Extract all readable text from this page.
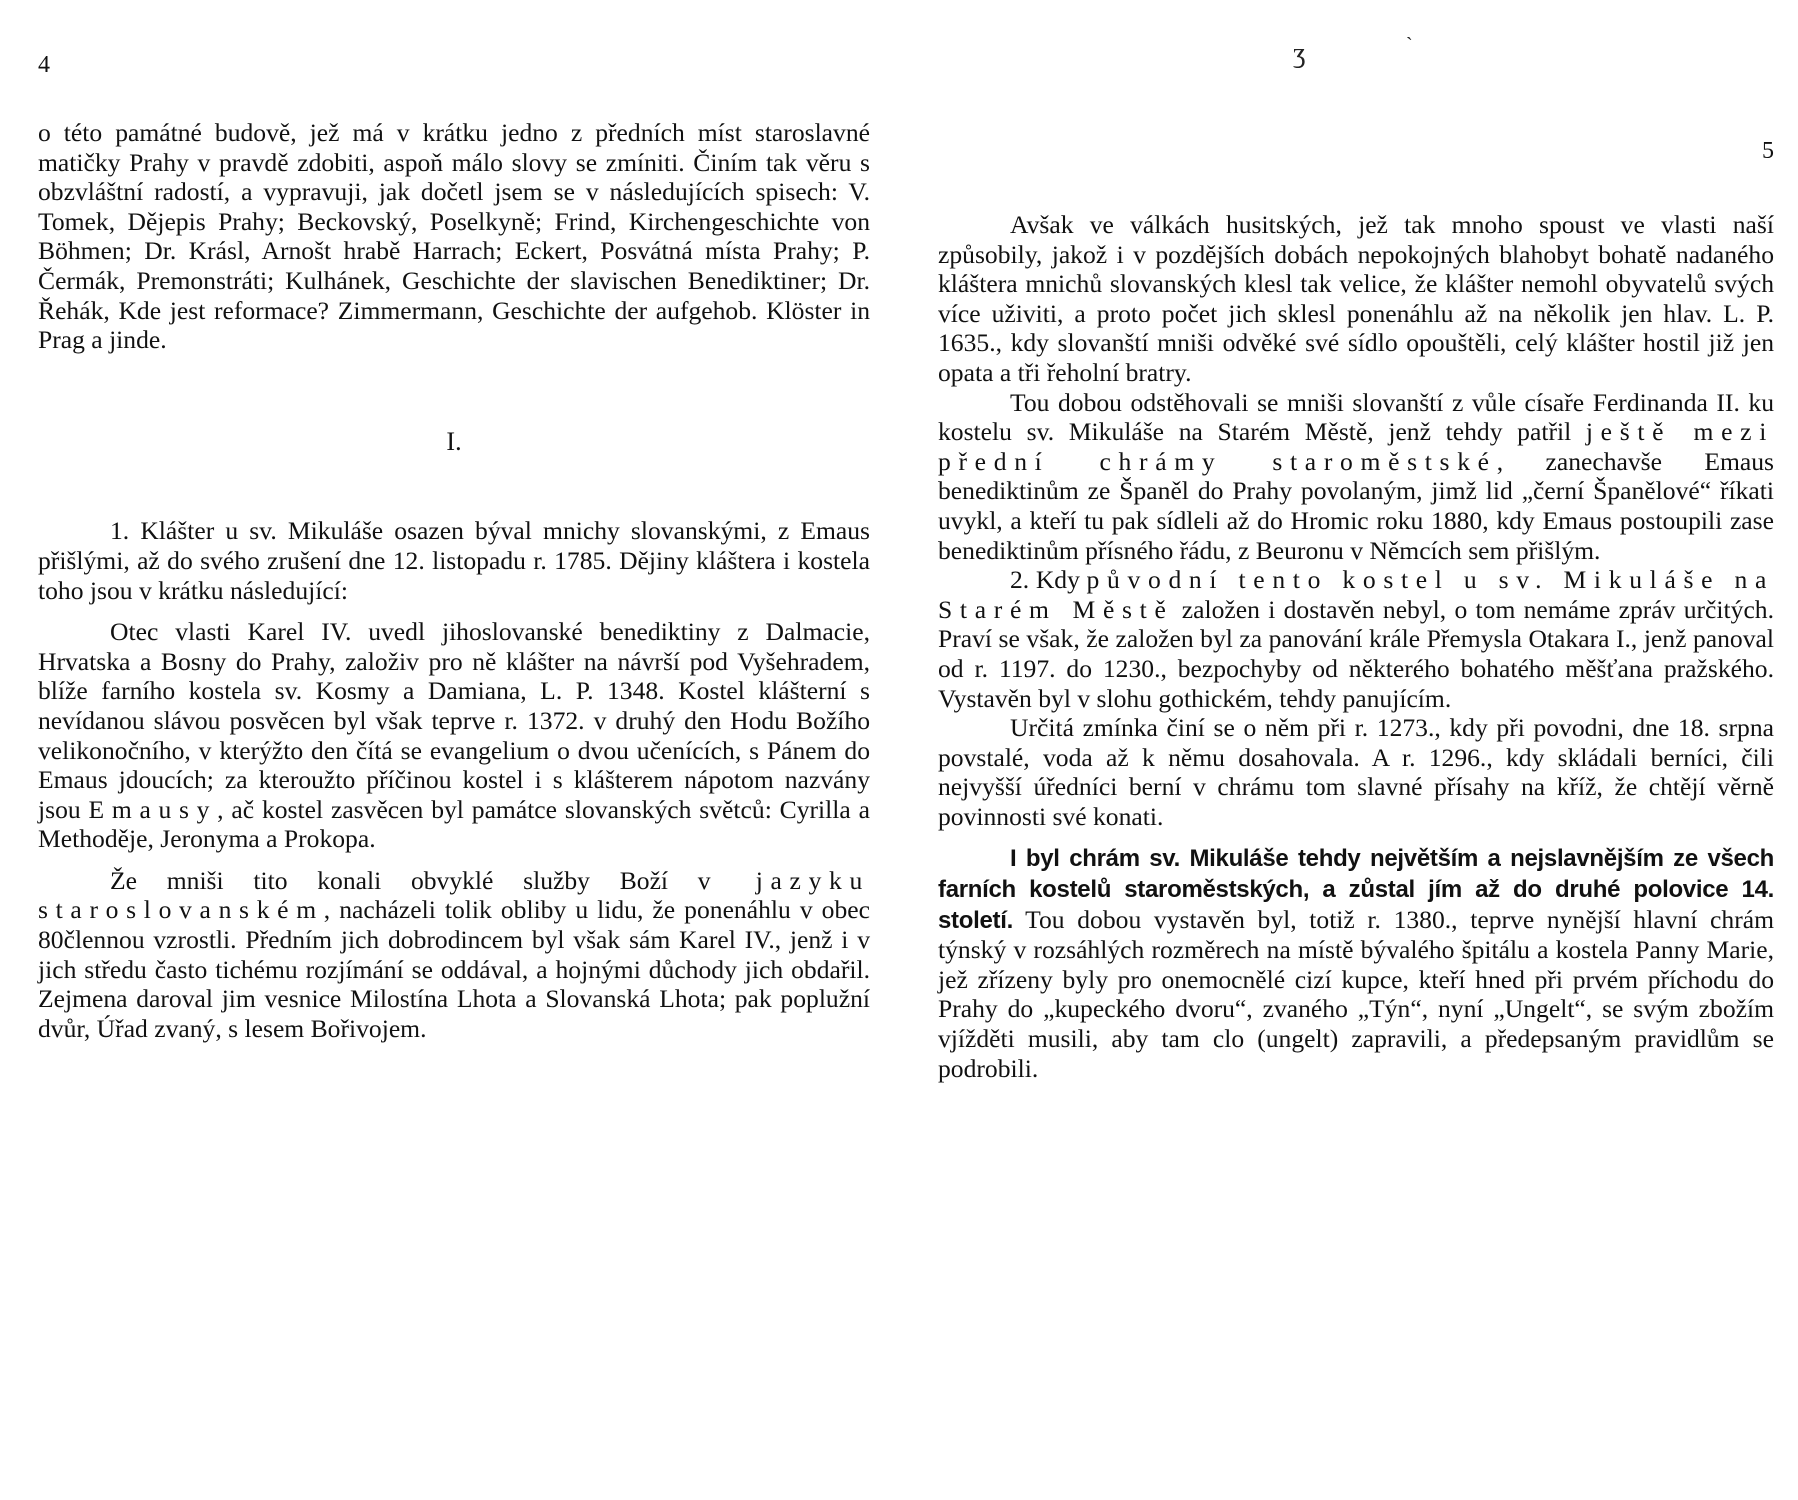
4

o této památné budově, jež má v krátku jedno z předních míst staroslavné matičky Prahy v pravdě zdobiti, aspoň málo slovy se zmíniti. Činím tak věru s obzvláštní radostí, a vypravuji, jak dočetl jsem se v následujících spisech: V. Tomek, Dějepis Prahy; Beckovský, Poselkyně; Frind, Kirchengeschichte von Böhmen; Dr. Krásl, Arnošt hrabě Harrach; Eckert, Posvátná místa Prahy; P. Čermák, Premonstráti; Kulhánek, Geschichte der slavischen Benediktiner; Dr. Řehák, Kde jest reformace? Zimmermann, Geschichte der aufgehob. Klöster in Prag a jinde.

I.

1. Klášter u sv. Mikuláše osazen býval mnichy slovanskými, z Emaus přišlými, až do svého zrušení dne 12. listopadu r. 1785. Dějiny kláštera i kostela toho jsou v krátku následující:

Otec vlasti Karel IV. uvedl jihoslovanské benediktiny z Dalmacie, Hrvatska a Bosny do Prahy, založiv pro ně klášter na návrší pod Vyšehradem, blíže farního kostela sv. Kosmy a Damiana, L. P. 1348. Kostel klášterní s nevídanou slávou posvěcen byl však teprve r. 1372. v druhý den Hodu Božího velikonočního, v kterýžto den čítá se evangelium o dvou učenících, s Pánem do Emaus jdoucích; za kteroužto příčinou kostel i s klášterem nápotom nazvány jsou Emausy, ač kostel zasvěcen byl památce slovanských světců: Cyrilla a Methoděje, Jeronyma a Prokopa.

Že mniši tito konali obvyklé služby Boží v jazyku staroslovanském, nacházeli tolik obliby u lidu, že ponenáhlu v obec 80člennou vzrostli. Předním jich dobrodincem byl však sám Karel IV., jenž i v jich středu často tichému rozjímání se oddával, a hojnými důchody jich obdařil. Zejmena daroval jim vesnice Milostína Lhota a Slovanská Lhota; pak poplužní dvůr, Úřad zvaný, s lesem Bořivojem.

ʒ	ˋ
5

Avšak ve válkách husitských, jež tak mnoho spoust ve vlasti naší způsobily, jakož i v pozdějších dobách nepokojných blahobyt bohatě nadaného kláštera mnichů slovanských klesl tak velice, že klášter nemohl obyvatelů svých více uživiti, a proto počet jich sklesl ponenáhlu až na několik jen hlav. L. P. 1635., kdy slovanští mniši odvěké své sídlo opouštěli, celý klášter hostil již jen opata a tři řeholní bratry.

Tou dobou odstěhovali se mniši slovanští z vůle císaře Ferdinanda II. ku kostelu sv. Mikuláše na Starém Městě, jenž tehdy patřil ještě mezi přední chrámy staroměstské, zanechavše Emaus benediktinům ze Španěl do Prahy povolaným, jimž lid „černí Španělové“ říkati uvykl, a kteří tu pak sídleli až do Hromic roku 1880, kdy Emaus postoupili zase benediktinům přísného řádu, z Beuronu v Němcích sem přišlým.

2. Kdy původní tento kostel u sv. Mikuláše na Starém Městě založen i dostavěn nebyl, o tom nemáme zpráv určitých. Praví se však, že založen byl za panování krále Přemysla Otakara I., jenž panoval od r. 1197. do 1230., bezpochyby od některého bohatého měšťana pražského. Vystavěn byl v slohu gothickém, tehdy panujícím.

Určitá zmínka činí se o něm při r. 1273., kdy při povodni, dne 18. srpna povstalé, voda až k němu dosahovala. A r. 1296., kdy skládali berníci, čili nejvyšší úředníci berní v chrámu tom slavné přísahy na kříž, že chtějí věrně povinnosti své konati.

I byl chrám sv. Mikuláše tehdy největším a nejslavnějším ze všech farních kostelů staroměstských, a zůstal jím až do druhé polovice 14. století. Tou dobou vystavěn byl, totiž r. 1380., teprve nynější hlavní chrám týnský v rozsáhlých rozměrech na místě bývalého špitálu a kostela Panny Marie, jež zřízeny byly pro onemocnělé cizí kupce, kteří hned při prvém příchodu do Prahy do „kupeckého dvoru“, zvaného „Týn“, nyní „Ungelt“, se svým zbožím vjížděti musili, aby tam clo (ungelt) zapravili, a předepsaným pravidlům se podrobili.
